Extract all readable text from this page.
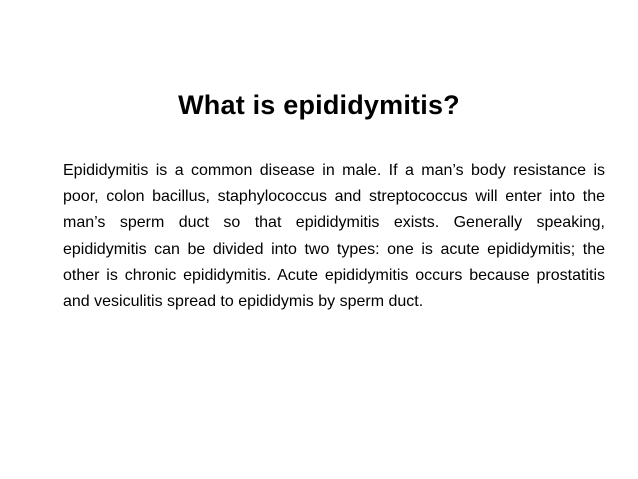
What is epididymitis?

Epididymitis is a common disease in male. If a man’s body resistance is poor, colon bacillus, staphylococcus and streptococcus will enter into the man’s sperm duct so that epididymitis exists. Generally speaking, epididymitis can be divided into two types: one is acute epididymitis; the other is chronic epididymitis. Acute epididymitis occurs because prostatitis and vesiculitis spread to epididymis by sperm duct.
